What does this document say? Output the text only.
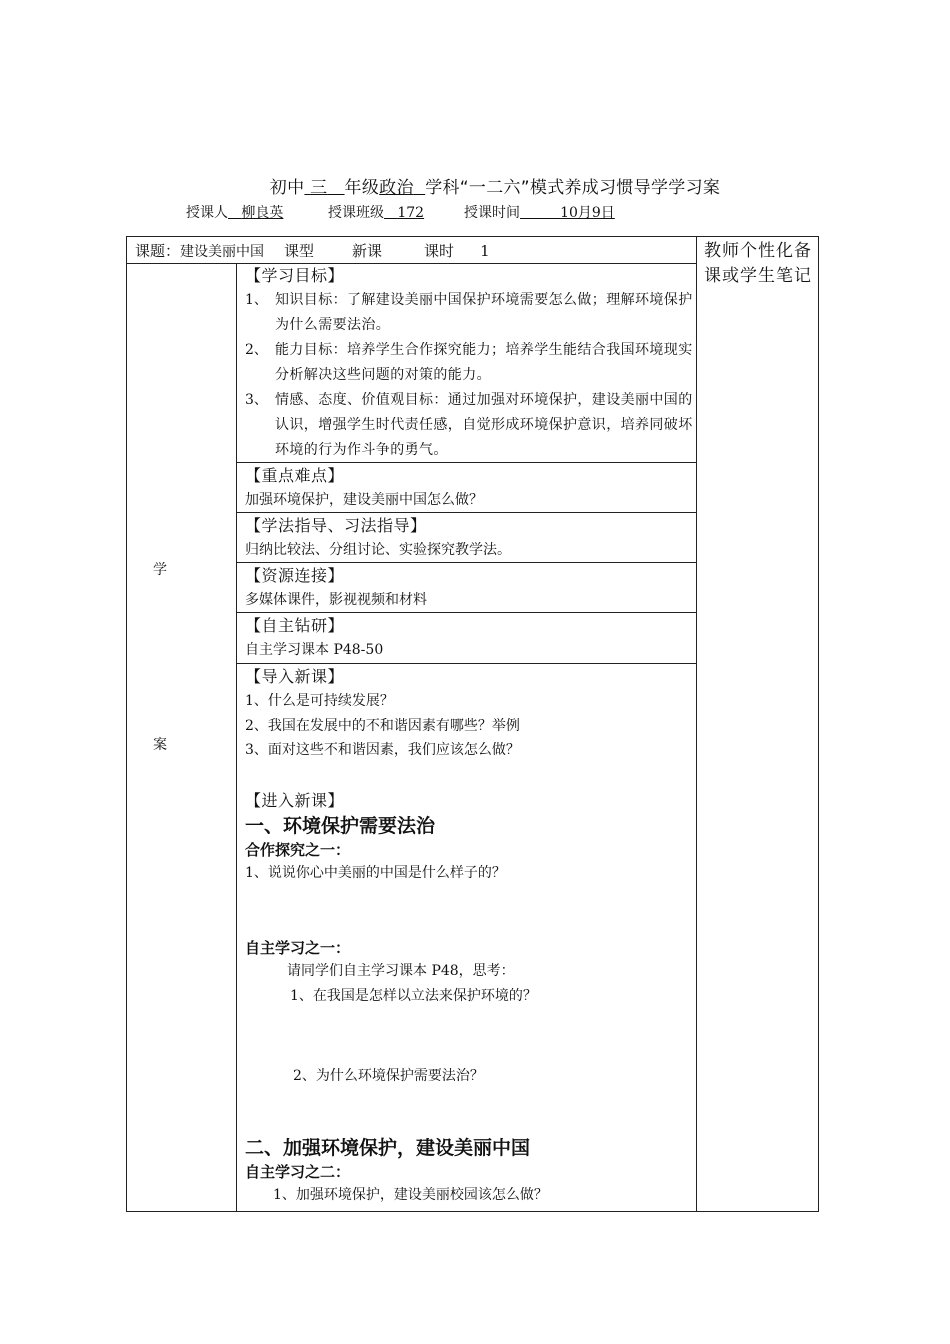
初中 三 年级政治 学科“一二六”模式养成习惯导学学习案
授课人 柳良英	授课班级 172	授课时间	10月9日
课题：建设美丽中国 课型	新课	课时 1	教师个性化备课或学生笔记
学
案
【学习目标】
1、 知识目标：了解建设美丽中国保护环境需要怎么做；理解环境保护为什么需要法治。
2、 能力目标：培养学生合作探究能力；培养学生能结合我国环境现实分析解决这些问题的对策的能力。
3、 情感、态度、价值观目标：通过加强对环境保护，建设美丽中国的认识，增强学生时代责任感，自觉形成环境保护意识，培养同破坏环境的行为作斗争的勇气。
【重点难点】
加强环境保护，建设美丽中国怎么做？
【学法指导、习法指导】
归纳比较法、分组讨论、实验探究教学法。
【资源连接】
多媒体课件，影视视频和材料
【自主钻研】
自主学习课本 P48-50
【导入新课】
1、什么是可持续发展？
2、我国在发展中的不和谐因素有哪些？举例
3、面对这些不和谐因素，我们应该怎么做？
【进入新课】
一、环境保护需要法治
合作探究之一：
1、说说你心中美丽的中国是什么样子的？
自主学习之一：
请同学们自主学习课本 P48，思考：
1、在我国是怎样以立法来保护环境的？
2、为什么环境保护需要法治？
二、加强环境保护，建设美丽中国
自主学习之二：
1、加强环境保护，建设美丽校园该怎么做？
